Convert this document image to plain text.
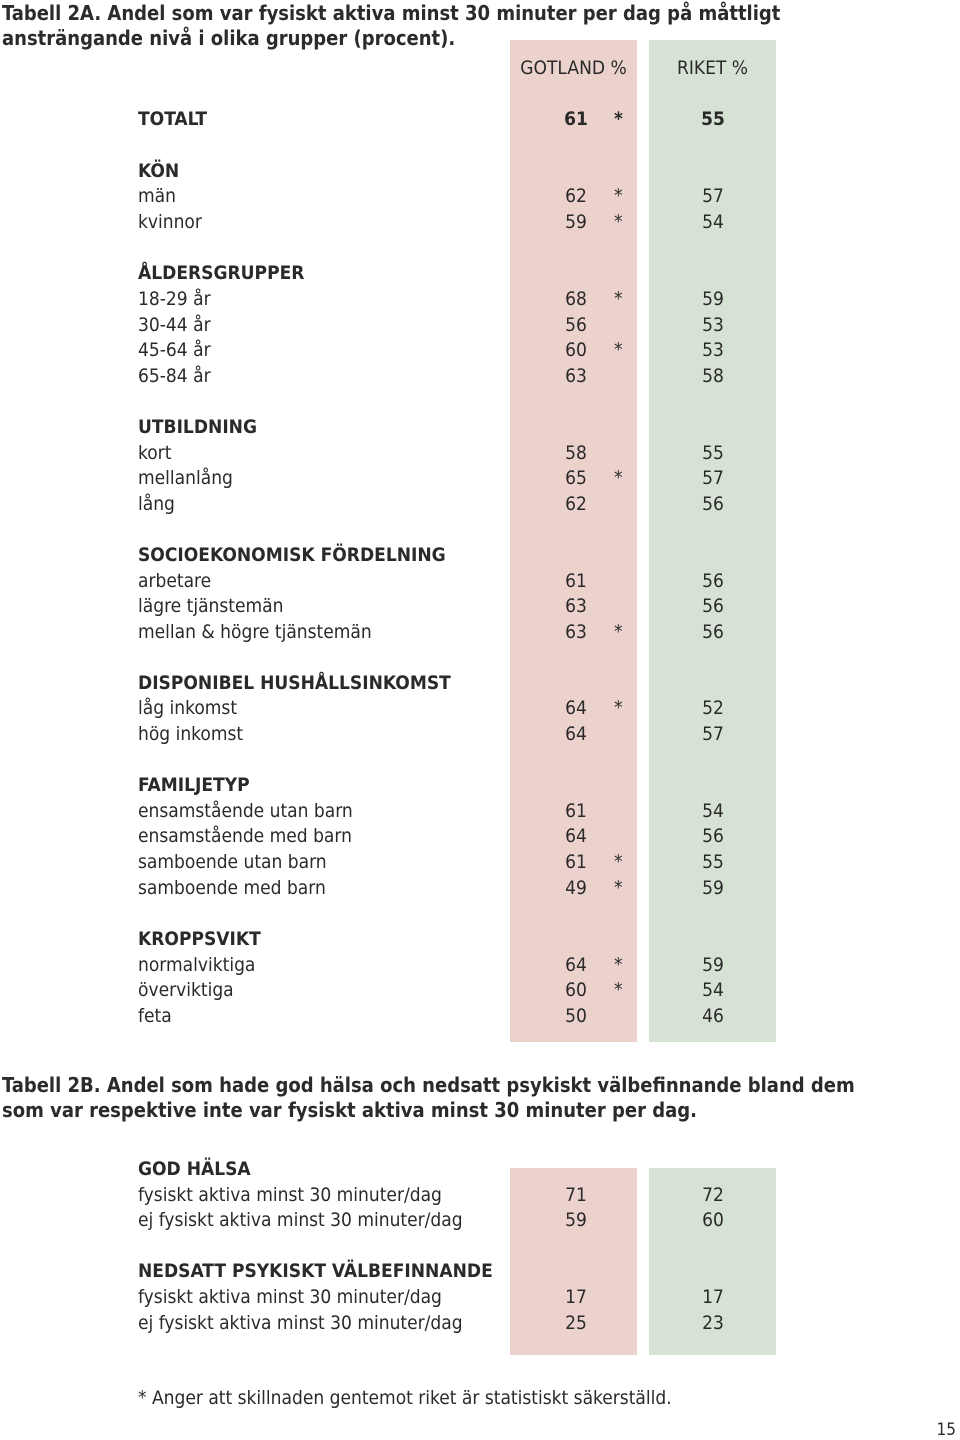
Tabell 2A. Andel som var fysiskt aktiva minst 30 minuter per dag på måttligt
ansträngande nivå i olika grupper (procent).
GOTLAND %	RIKET %
TOTALT	61 *	55
KÖN
män	62 *	57
kvinnor	59 *	54
ÅLDERSGRUPPER
18-29 år	68 *	59
30-44 år	56	53
45-64 år	60 *	53
65-84 år	63	58
UTBILDNING
kort	58	55
mellanlång	65 *	57
lång	62	56
SOCIOEKONOMISK FÖRDELNING
arbetare	61	56
lägre tjänstemän	63	56
mellan & högre tjänstemän	63 *	56
DISPONIBEL HUSHÅLLSINKOMST
låg inkomst	64 *	52
hög inkomst	64	57
FAMILJETYP
ensamstående utan barn	61	54
ensamstående med barn	64	56
samboende utan barn	61 *	55
samboende med barn	49 *	59
KROPPSVIKT
normalviktiga	64 *	59
överviktiga	60 *	54
feta	50	46
Tabell 2B. Andel som hade god hälsa och nedsatt psykiskt välbefinnande bland dem
som var respektive inte var fysiskt aktiva minst 30 minuter per dag.
GOD HÄLSA
fysiskt aktiva minst 30 minuter/dag	71	72
ej fysiskt aktiva minst 30 minuter/dag	59	60
NEDSATT PSYKISKT VÄLBEFINNANDE
fysiskt aktiva minst 30 minuter/dag	17	17
ej fysiskt aktiva minst 30 minuter/dag	25	23
* Anger att skillnaden gentemot riket är statistiskt säkerställd.
15
